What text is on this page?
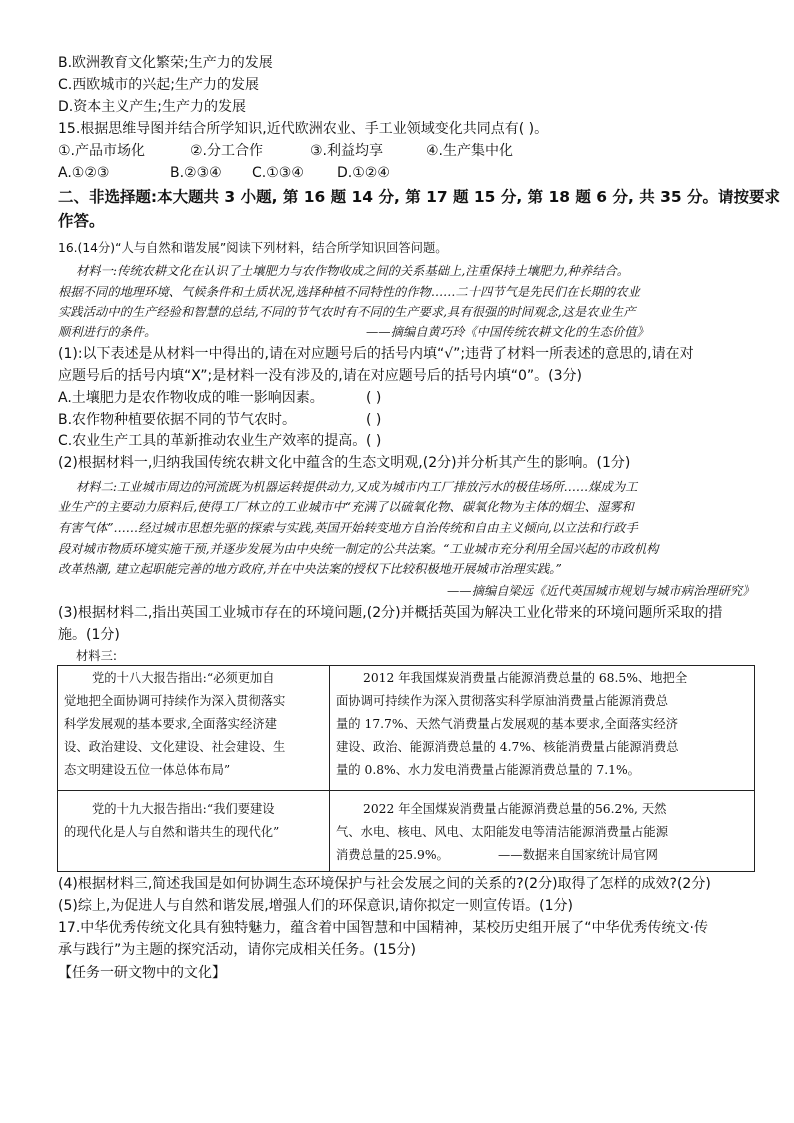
B.欧洲教育文化繁荣;生产力的发展
C.西欧城市的兴起;生产力的发展
D.资本主义产生;生产力的发展
15.根据思维导图并结合所学知识,近代欧洲农业、手工业领域变化共同点有( )。
①.产品市场化	②.分工合作	③.利益均享	④.生产集中化
A.①②③	B.②③④ C.①③④ D.①②④
二、非选择题:本大题共 3 小题, 第 16 题 14 分, 第 17 题 15 分, 第 18 题 6 分, 共 35 分。请按要求
作答。
16.(14分)“人与自然和谐发展”阅读下列材料，结合所学知识回答问题。
材料一:传统农耕文化在认识了土壤肥力与农作物收成之间的关系基础上,注重保持土壤肥力,种养结合。
根据不同的地理环境、气候条件和土质状况,选择种植不同特性的作物……二十四节气是先民们在长期的农业
实践活动中的生产经验和智慧的总结,不同的节气农时有不同的生产要求,具有很强的时间观念,这是农业生产
顺利进行的条件。	——摘编自黄巧玲《中国传统农耕文化的生态价值》
(1):以下表述是从材料一中得出的,请在对应题号后的括号内填“√”;违背了材料一所表述的意思的,请在对
应题号后的括号内填“X”;是材料一没有涉及的,请在对应题号后的括号内填“0”。(3分)
A.土壤肥力是农作物收成的唯一影响因素。	( )
B.农作物种植要依据不同的节气农时。	( )
C.农业生产工具的革新推动农业生产效率的提高。 ( )
(2)根据材料一,归纳我国传统农耕文化中蕴含的生态文明观,(2分)并分析其产生的影响。(1分)
材料二:工业城市周边的河流既为机器运转提供动力,又成为城市内工厂排放污水的极佳场所……煤成为工
业生产的主要动力原料后,使得工厂林立的工业城市中“充满了以硫氧化物、碳氧化物为主体的烟尘、湿雾和
有害气体”……经过城市思想先驱的探索与实践,英国开始转变地方自治传统和自由主义倾向,以立法和行政手
段对城市物质环境实施干预,并逐步发展为由中央统一制定的公共法案。“工业城市充分利用全国兴起的市政机构
改革热潮, 建立起职能完善的地方政府,并在中央法案的授权下比较积极地开展城市治理实践。”
——摘编自梁远《近代英国城市规划与城市病治理研究》
(3)根据材料二,指出英国工业城市存在的环境问题,(2分)并概括英国为解决工业化带来的环境问题所采取的措
施。(1分)
材料三:
党的十八大报告指出:“必须更加自
觉地把全面协调可持续作为深入贯彻落实
科学发展观的基本要求,全面落实经济建
设、政治建设、文化建设、社会建设、生
态文明建设五位一体总体布局”
2012 年我国煤炭消费量占能源消费总量的 68.5%、地把全
面协调可持续作为深入贯彻落实科学原油消费量占能源消费总
量的 17.7%、天然气消费量占发展观的基本要求,全面落实经济
建设、政治、能源消费总量的 4.7%、核能消费量占能源消费总
量的 0.8%、水力发电消费量占能源消费总量的 7.1%。
党的十九大报告指出:“我们要建设
的现代化是人与自然和谐共生的现代化”
2022 年全国煤炭消费量占能源消费总量的56.2%, 天然
气、水电、核电、风电、太阳能发电等清洁能源消费量占能源
消费总量的25.9%。	——数据来自国家统计局官网
(4)根据材料三,简述我国是如何协调生态环境保护与社会发展之间的关系的?(2分)取得了怎样的成效?(2分)
(5)综上,为促进人与自然和谐发展,增强人们的环保意识,请你拟定一则宣传语。(1分)
17.中华优秀传统文化具有独特魅力，蕴含着中国智慧和中国精神，某校历史组开展了“中华优秀传统文·传
承与践行”为主题的探究活动，请你完成相关任务。(15分)
【任务一研文物中的文化】
